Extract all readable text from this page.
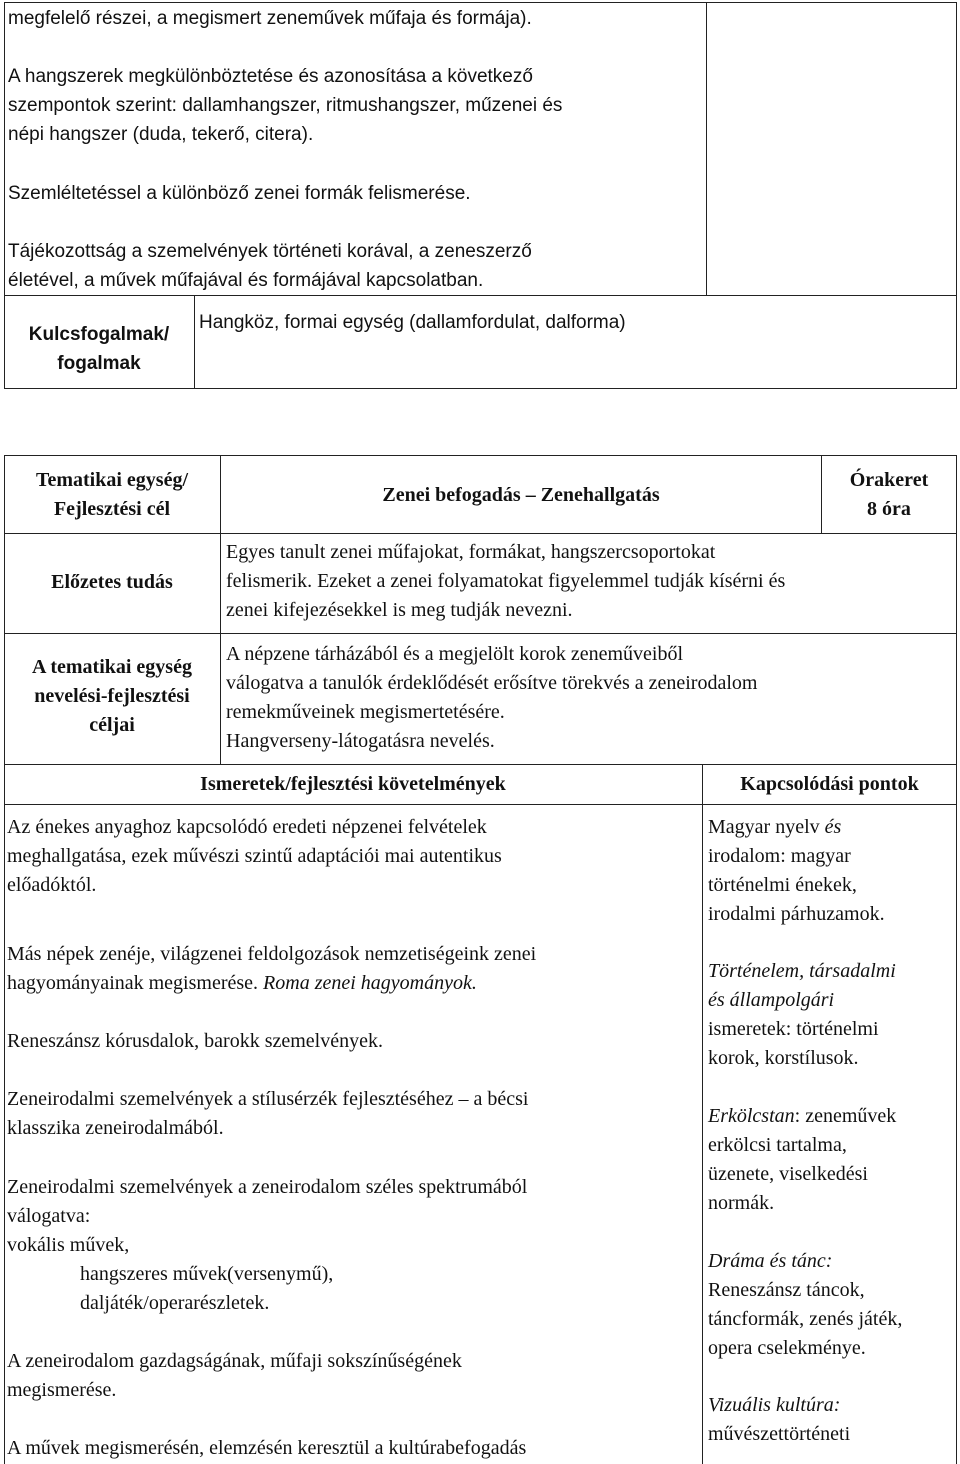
megfelelő részei, a megismert zeneművek műfaja és formája).
A hangszerek megkülönböztetése és azonosítása a következő
szempontok szerint: dallamhangszer, ritmushangszer, műzenei és
népi hangszer (duda, tekerő, citera).
Szemléltetéssel a különböző zenei formák felismerése.
Tájékozottság a szemelvények történeti korával, a zeneszerző
életével, a művek műfajával és formájával kapcsolatban.
Kulcsfogalmak/
fogalmak
Hangköz, formai egység (dallamfordulat, dalforma)
Tematikai egység/
Fejlesztési cél
Zenei befogadás – Zenehallgatás
Órakeret
8 óra
Előzetes tudás
Egyes tanult zenei műfajokat, formákat, hangszercsoportokat
felismerik. Ezeket a zenei folyamatokat figyelemmel tudják kísérni és
zenei kifejezésekkel is meg tudják nevezni.
A tematikai egység
nevelési-fejlesztési
céljai
A népzene tárházából és a megjelölt korok zeneműveiből
válogatva a tanulók érdeklődését erősítve törekvés a zeneirodalom
remekműveinek megismertetésére.
Hangverseny-látogatásra nevelés.
Ismeretek/fejlesztési követelmények	Kapcsolódási pontok
Az énekes anyaghoz kapcsolódó eredeti népzenei felvételek
meghallgatása, ezek művészi szintű adaptációi mai autentikus
előadóktól.
Más népek zenéje, világzenei feldolgozások nemzetiségeink zenei
hagyományainak megismerése. Roma zenei hagyományok.
Reneszánsz kórusdalok, barokk szemelvények.
Zeneirodalmi szemelvények a stílusérzék fejlesztéséhez – a bécsi
klasszika zeneirodalmából.
Zeneirodalmi szemelvények a zeneirodalom széles spektrumából
válogatva:
vokális művek,
hangszeres művek(versenymű),
daljáték/operarészletek.
A zeneirodalom gazdagságának, műfaji sokszínűségének
megismerése.
A művek megismerésén, elemzésén keresztül a kultúrabefogadás
Magyar nyelv és
irodalom: magyar
történelmi énekek,
irodalmi párhuzamok.
Történelem, társadalmi
és állampolgári
ismeretek: történelmi
korok, korstílusok.
Erkölcstan: zeneművek
erkölcsi tartalma,
üzenete, viselkedési
normák.
Dráma és tánc:
Reneszánsz táncok,
táncformák, zenés játék,
opera cselekménye.
Vizuális kultúra:
művészettörténeti
